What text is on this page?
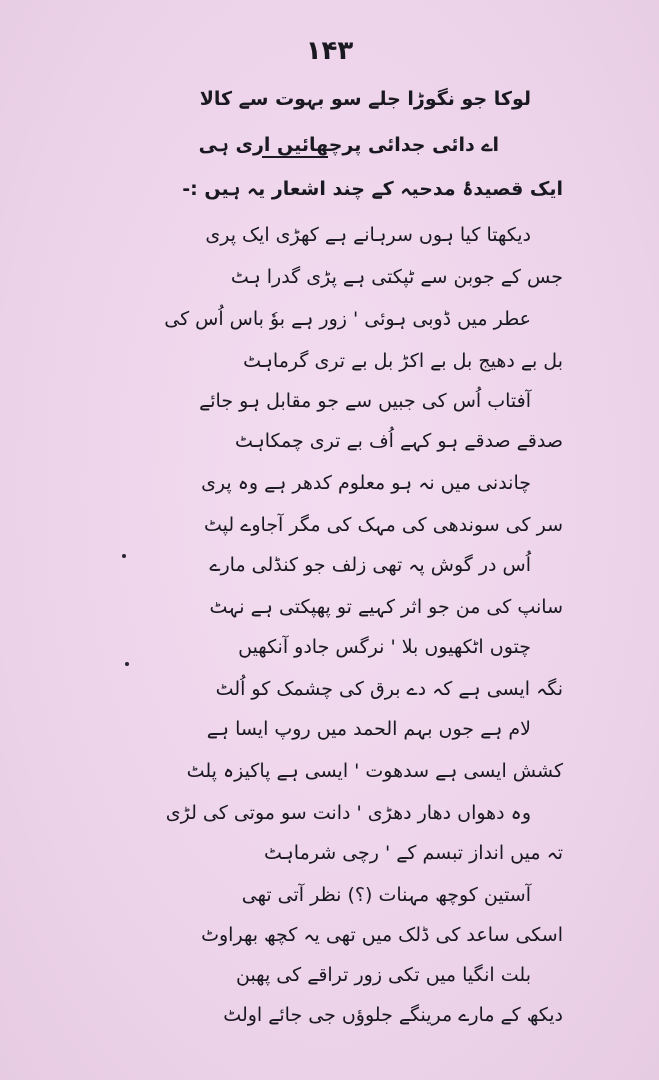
۱۴۳
لوکا جو نگوڑا جلے سو بہوت سے کالا
اے دائی جدائی پرچھائیں اری ہی
ایک قصیدۂ مدحیہ کے چند اشعار یہ ہیں :-
دیکھتا کیا ہوں سرہانے ہے کھڑی ایک پری
جس کے جوبن سے ٹپکتی ہے پڑی گدرا ہٹ
عطر میں ڈوبی ہوئی ' زور ہے بوٗ باس اُس کی
بل بے دھیج بل بے اکڑ بل بے تری گرماہٹ
آفتاب اُس کی جبیں سے جو مقابل ہو جائے
صدقے صدقے ہو کہے اُف بے تری چمکاہٹ
چاندنی میں نہ ہو معلوم کدھر ہے وہ پری
سر کی سوندھی کی مہک کی مگر آجاوے لپٹ
اُس در گوش پہ تھی زلف جو کنڈلی مارے
سانپ کی من جو اثر کہیے تو پھپکتی ہے نہٹ
چتوں اٹکھیوں بلا ' نرگس جادو آنکھیں
نگہ ایسی ہے کہ دے برق کی چشمک کو اُلٹ
لام ہے جوں بہم الحمد میں روپ ایسا ہے
کشش ایسی ہے سدھوت ' ایسی ہے پاکیزہ پلٹ
وہ دھواں دھار دھڑی ' دانت سو موتی کی لڑی
تہ میں انداز تبسم کے ' رچی شرماہٹ
آستین کوچھ مہنات (؟) نظر آتی تھی
اسکی ساعد کی ڈلک میں تھی یہ کچھ بھراوٹ
بلت انگیا میں تکی زور تراقے کی پھبن
دیکھ کے مارے مرینگے جلوؤں جی جائے اولٹ
